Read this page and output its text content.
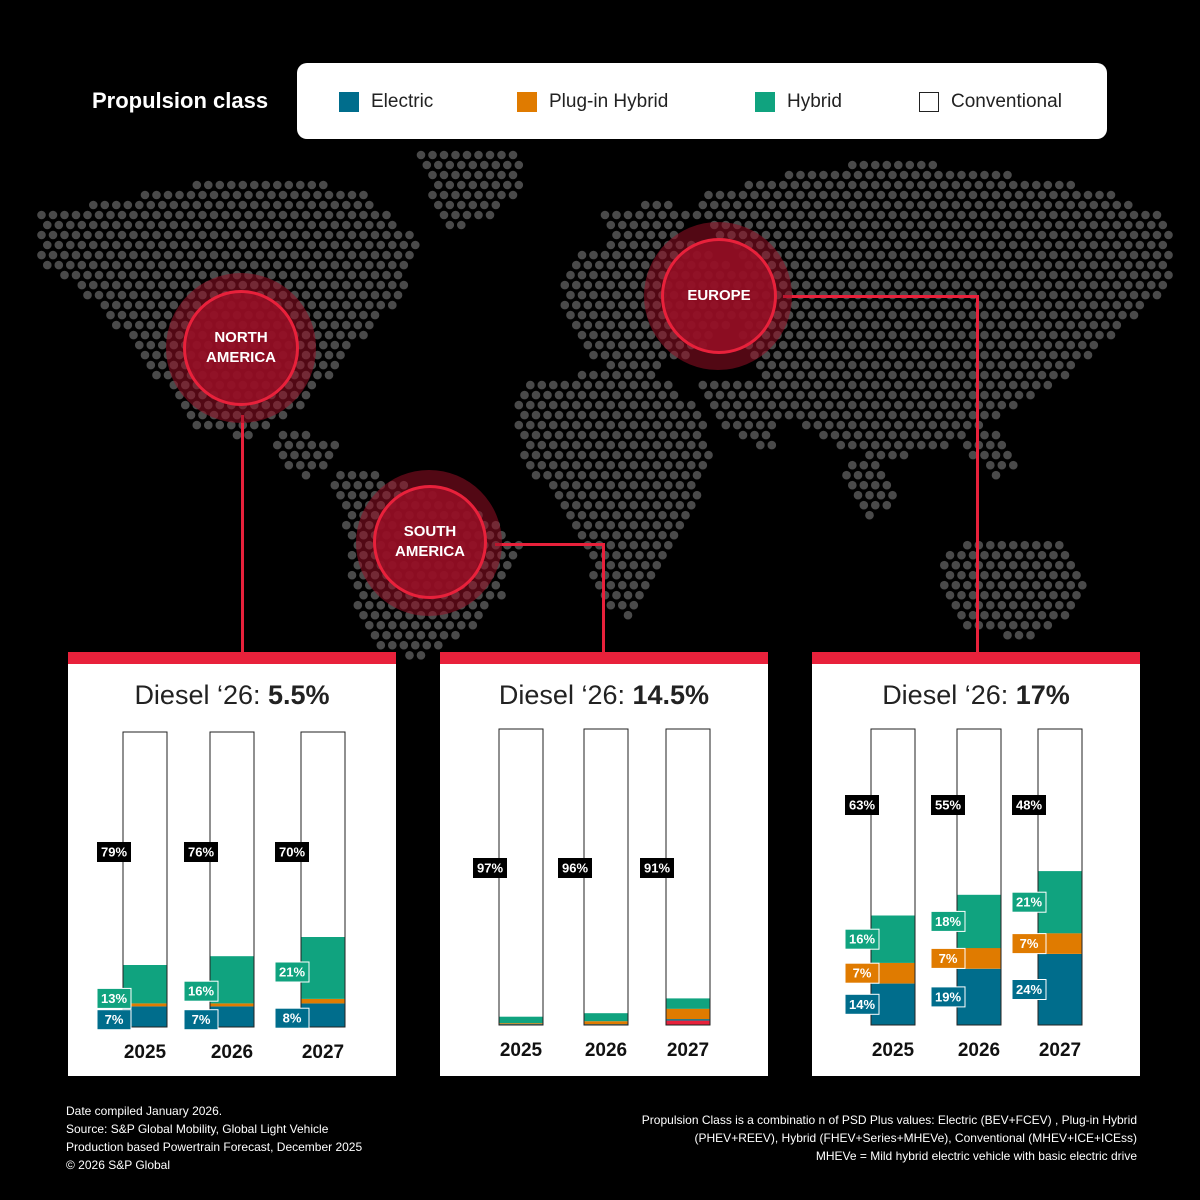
Propulsion class	Electric	Plug-in Hybrid	Hybrid	Conventional
NORTH
AMERICA
SOUTH
AMERICA
EUROPE
Diesel ‘26: 5.5%
7%
13%
79%
2025
7%
16%
76%
2026
8%
21%
70%
2027
Diesel ‘26: 14.5%
97%
2025
96%
2026
91%
2027
Diesel ‘26: 17%
14%
7%
16%
63%
2025
19%
7%
18%
55%
2026
24%
7%
21%
48%
2027
Date compiled January 2026.
Source: S&P Global Mobility, Global Light Vehicle
Production based Powertrain Forecast, December 2025
© 2026 S&P Global
Propulsion Class is a combinatio n of PSD Plus values: Electric (BEV+FCEV) , Plug-in Hybrid
(PHEV+REEV), Hybrid (FHEV+Series+MHEVe), Conventional (MHEV+ICE+ICEss)
MHEVe = Mild hybrid electric vehicle with basic electric drive
